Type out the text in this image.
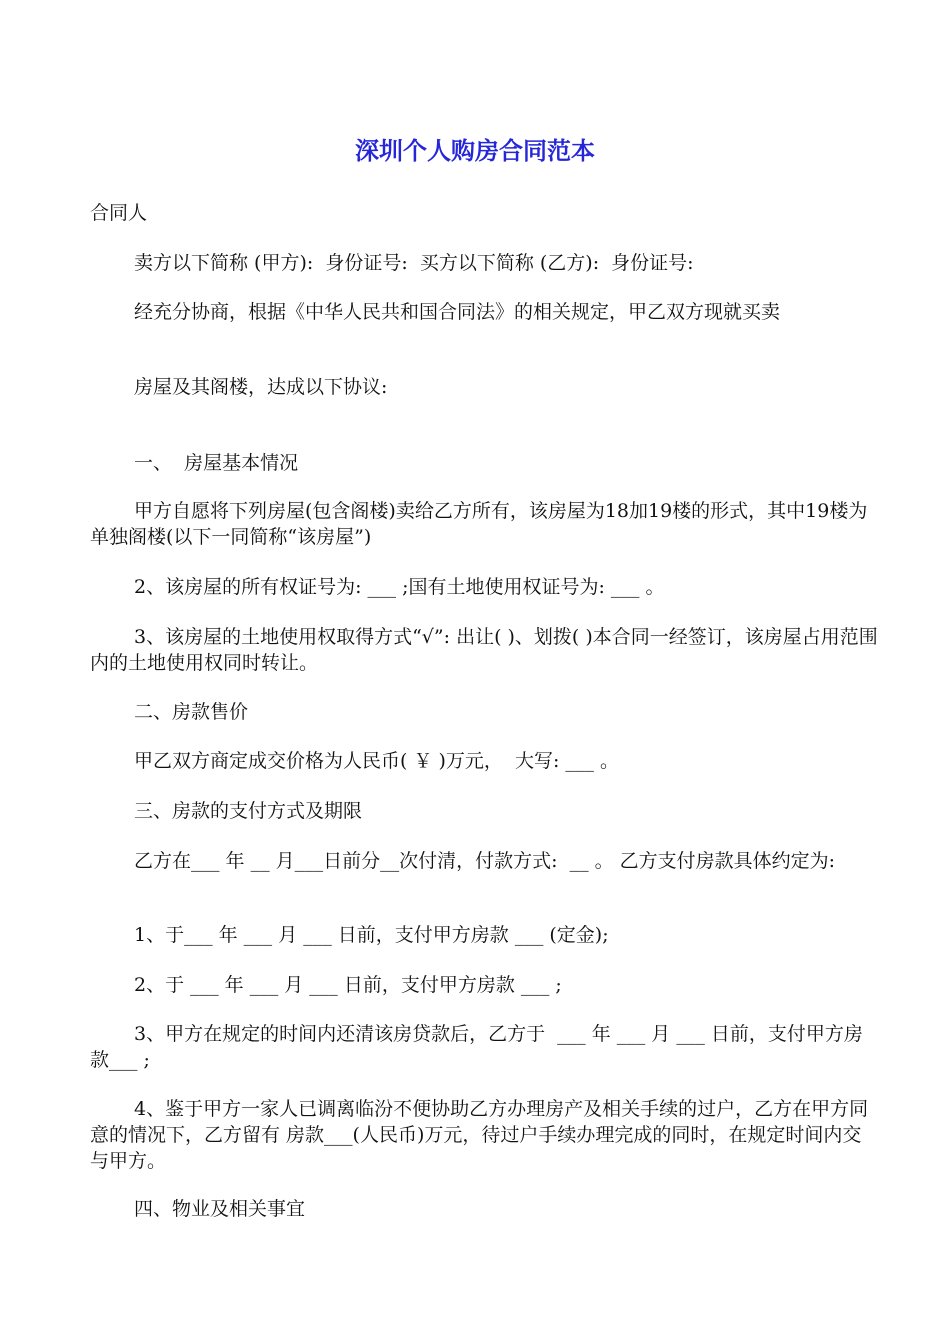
深圳个人购房合同范本

合同人

卖方以下简称 (甲方):  身份证号:  买方以下简称 (乙方):  身份证号:

经充分协商，根据《中华人民共和国合同法》的相关规定，甲乙双方现就买卖

房屋及其阁楼，达成以下协议:

一、  房屋基本情况

甲方自愿将下列房屋(包含阁楼)卖给乙方所有，该房屋为18加19楼的形式，其中19楼为单独阁楼(以下一同简称“该房屋”)

2、该房屋的所有权证号为: ___ ;国有土地使用权证号为: ___ 。

3、该房屋的土地使用权取得方式“√”: 出让( )、划拨( )本合同一经签订，该房屋占用范围内的土地使用权同时转让。

二、房款售价

甲乙双方商定成交价格为人民币( ￥ )万元，  大写: ___ 。

三、房款的支付方式及期限

乙方在___ 年 __ 月___日前分__次付清，付款方式:  __ 。 乙方支付房款具体约定为:

1、于___ 年 ___ 月 ___ 日前，支付甲方房款 ___ (定金);

2、于 ___ 年 ___ 月 ___ 日前，支付甲方房款 ___ ;

3、甲方在规定的时间内还清该房贷款后，乙方于  ___ 年 ___ 月 ___ 日前，支付甲方房款___ ;

4、鉴于甲方一家人已调离临汾不便协助乙方办理房产及相关手续的过户，乙方在甲方同意的情况下，乙方留有 房款___(人民币)万元，待过户手续办理完成的同时，在规定时间内交与甲方。

四、物业及相关事宜
